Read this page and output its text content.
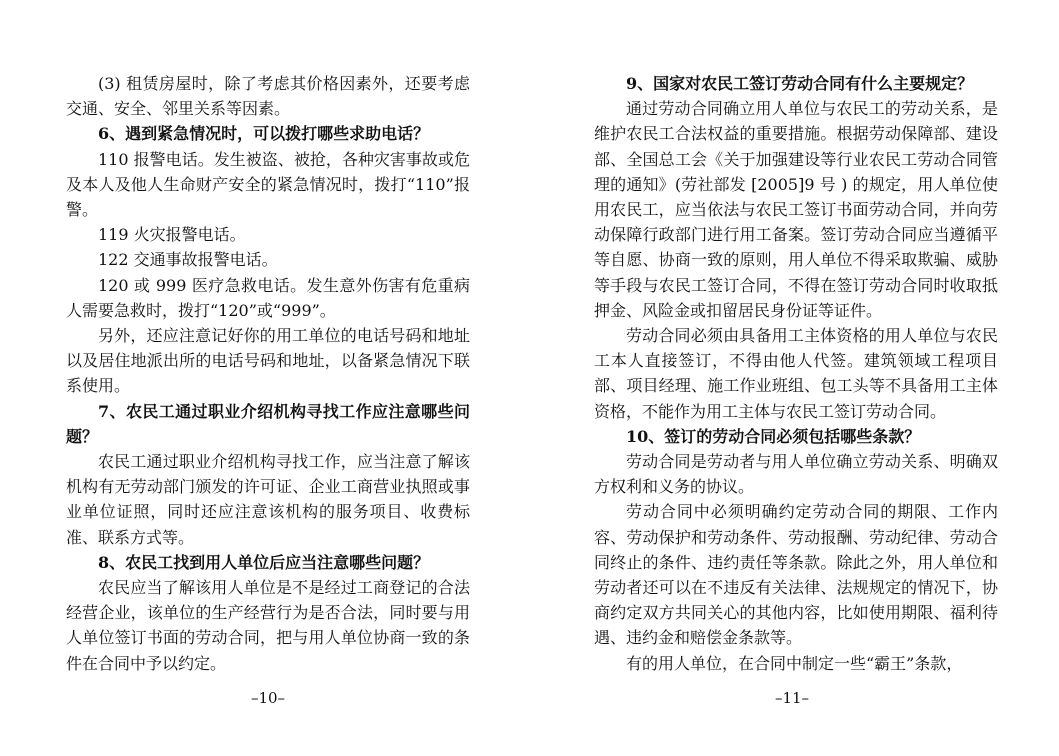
(3) 租赁房屋时，除了考虑其价格因素外，还要考虑交通、安全、邻里关系等因素。

6、遇到紧急情况时，可以拨打哪些求助电话？

110 报警电话。发生被盗、被抢，各种灾害事故或危及本人及他人生命财产安全的紧急情况时，拨打“110”报警。

119 火灾报警电话。

122 交通事故报警电话。

120 或 999 医疗急救电话。发生意外伤害有危重病人需要急救时，拨打“120”或“999”。

另外，还应注意记好你的用工单位的电话号码和地址以及居住地派出所的电话号码和地址，以备紧急情况下联系使用。

7、农民工通过职业介绍机构寻找工作应注意哪些问题？

农民工通过职业介绍机构寻找工作，应当注意了解该机构有无劳动部门颁发的许可证、企业工商营业执照或事业单位证照，同时还应注意该机构的服务项目、收费标准、联系方式等。

8、农民工找到用人单位后应当注意哪些问题？

农民应当了解该用人单位是不是经过工商登记的合法经营企业，该单位的生产经营行为是否合法，同时要与用人单位签订书面的劳动合同，把与用人单位协商一致的条件在合同中予以约定。

–10–

9、国家对农民工签订劳动合同有什么主要规定？

通过劳动合同确立用人单位与农民工的劳动关系，是维护农民工合法权益的重要措施。根据劳动保障部、建设部、全国总工会《关于加强建设等行业农民工劳动合同管理的通知》(劳社部发 [2005]9 号 ) 的规定，用人单位使用农民工，应当依法与农民工签订书面劳动合同，并向劳动保障行政部门进行用工备案。签订劳动合同应当遵循平等自愿、协商一致的原则，用人单位不得采取欺骗、威胁等手段与农民工签订合同，不得在签订劳动合同时收取抵押金、风险金或扣留居民身份证等证件。

劳动合同必须由具备用工主体资格的用人单位与农民工本人直接签订，不得由他人代签。建筑领域工程项目部、项目经理、施工作业班组、包工头等不具备用工主体资格，不能作为用工主体与农民工签订劳动合同。

10、签订的劳动合同必须包括哪些条款？

劳动合同是劳动者与用人单位确立劳动关系、明确双方权利和义务的协议。

劳动合同中必须明确约定劳动合同的期限、工作内容、劳动保护和劳动条件、劳动报酬、劳动纪律、劳动合同终止的条件、违约责任等条款。除此之外，用人单位和劳动者还可以在不违反有关法律、法规规定的情况下，协商约定双方共同关心的其他内容，比如使用期限、福利待遇、违约金和赔偿金条款等。

有的用人单位，在合同中制定一些“霸王”条款，

–11–
